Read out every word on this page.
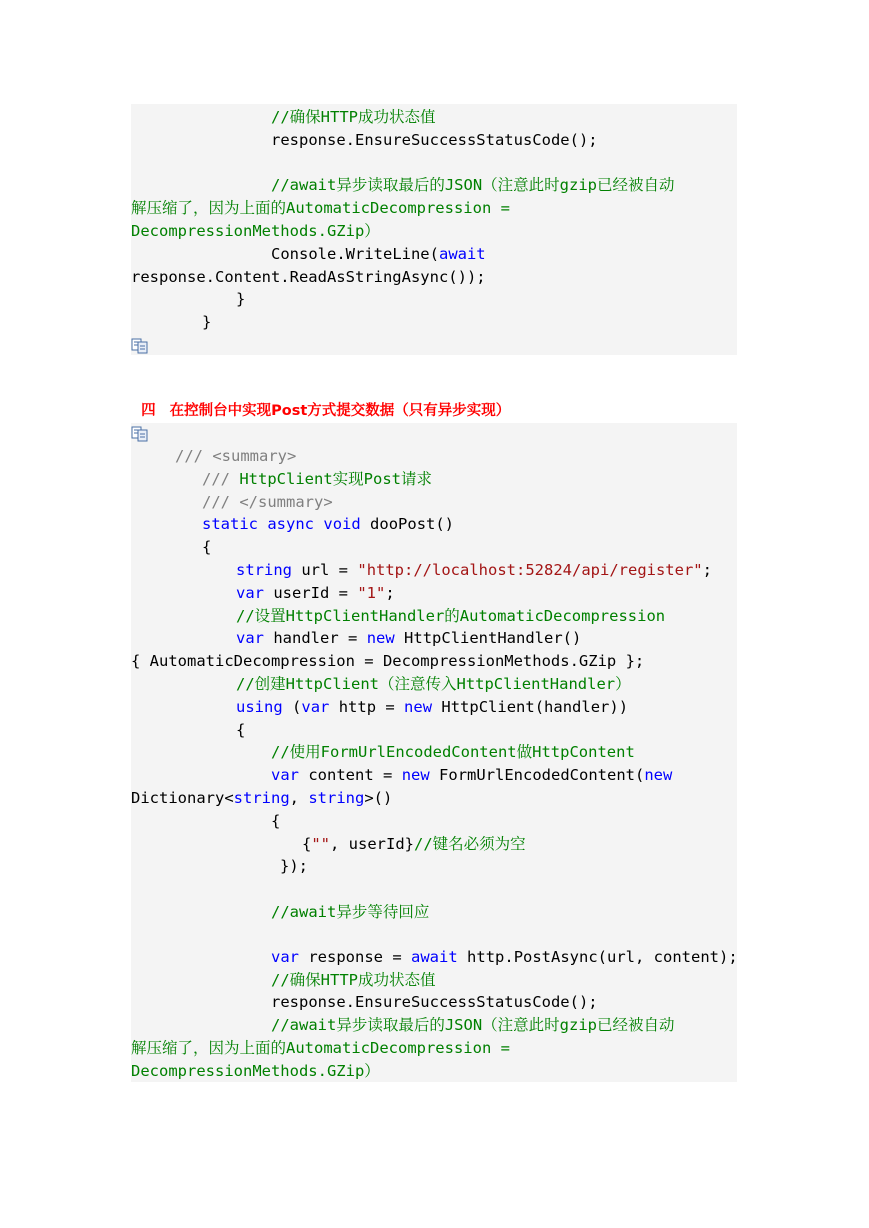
//确保HTTP成功状态值
response.EnsureSuccessStatusCode();
//await异步读取最后的JSON（注意此时gzip已经被自动
解压缩了，因为上面的AutomaticDecompression =
DecompressionMethods.GZip）
Console.WriteLine(await
response.Content.ReadAsStringAsync());
}
}

四 在控制台中实现Post方式提交数据（只有异步实现）

/// <summary>
/// HttpClient实现Post请求
/// </summary>
static async void dooPost()
{
string url = "http://localhost:52824/api/register";
var userId = "1";
//设置HttpClientHandler的AutomaticDecompression
var handler = new HttpClientHandler()
{ AutomaticDecompression = DecompressionMethods.GZip };
//创建HttpClient（注意传入HttpClientHandler）
using (var http = new HttpClient(handler))
{
//使用FormUrlEncodedContent做HttpContent
var content = new FormUrlEncodedContent(new
Dictionary<string, string>()
{
{"", userId}//键名必须为空
});
//await异步等待回应
var response = await http.PostAsync(url, content);
//确保HTTP成功状态值
response.EnsureSuccessStatusCode();
//await异步读取最后的JSON（注意此时gzip已经被自动
解压缩了，因为上面的AutomaticDecompression =
DecompressionMethods.GZip）
